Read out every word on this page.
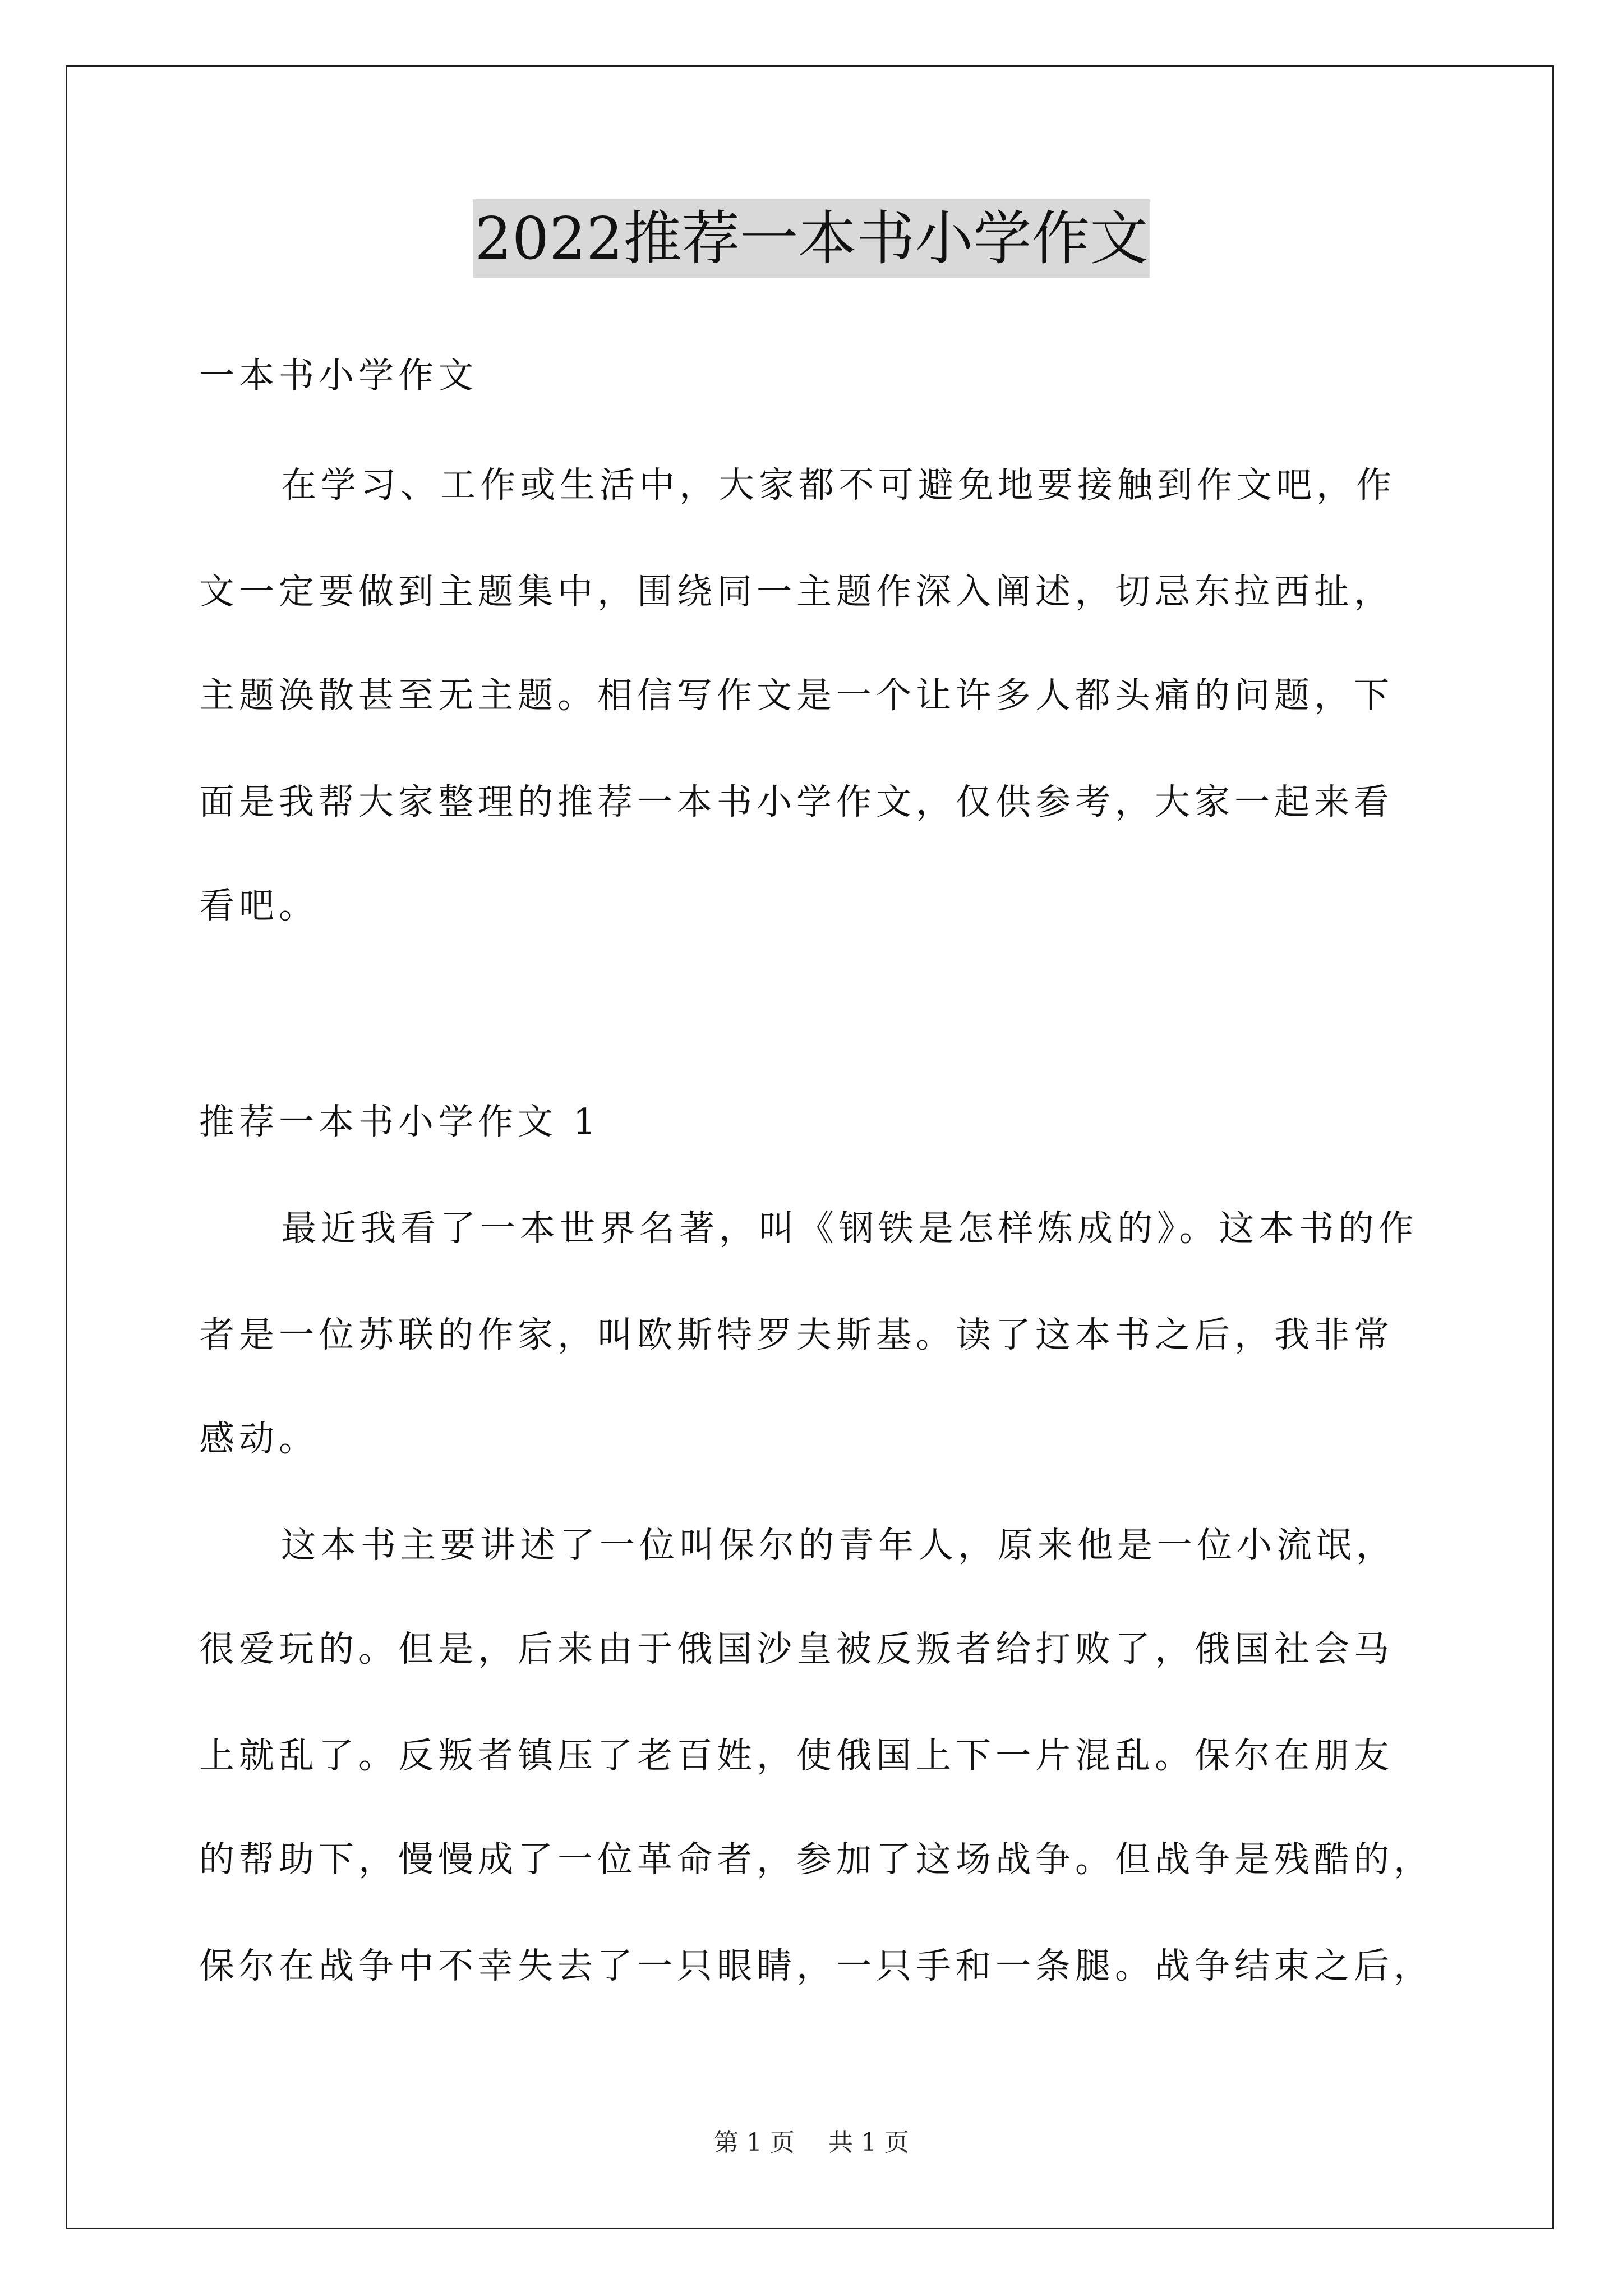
2022推荐一本书小学作文
一本书小学作文
在学习、工作或生活中，大家都不可避免地要接触到作文吧，作
文一定要做到主题集中，围绕同一主题作深入阐述，切忌东拉西扯，
主题涣散甚至无主题。相信写作文是一个让许多人都头痛的问题，下
面是我帮大家整理的推荐一本书小学作文，仅供参考，大家一起来看
看吧。
推荐一本书小学作文 1
最近我看了一本世界名著，叫《钢铁是怎样炼成的》。这本书的作
者是一位苏联的作家，叫欧斯特罗夫斯基。读了这本书之后，我非常
感动。
这本书主要讲述了一位叫保尔的青年人，原来他是一位小流氓，
很爱玩的。但是，后来由于俄国沙皇被反叛者给打败了，俄国社会马
上就乱了。反叛者镇压了老百姓，使俄国上下一片混乱。保尔在朋友
的帮助下，慢慢成了一位革命者，参加了这场战争。但战争是残酷的，
保尔在战争中不幸失去了一只眼睛，一只手和一条腿。战争结束之后，
第 1 页 共 1 页
